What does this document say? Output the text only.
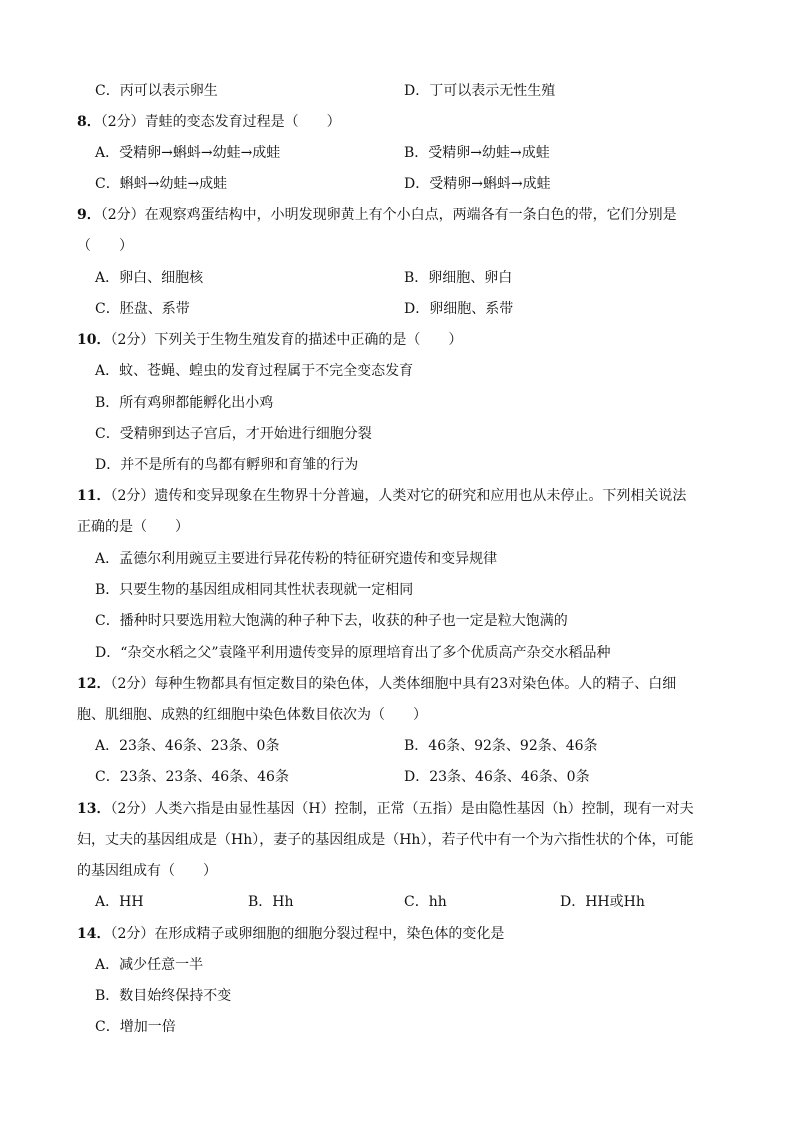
C．丙可以表示卵生	D．丁可以表示无性生殖
8．（2分）青蛙的变态发育过程是（　　）
A．受精卵→蝌蚪→幼蛙→成蛙	B．受精卵→幼蛙→成蛙
C．蝌蚪→幼蛙→成蛙	D．受精卵→蝌蚪→成蛙
9．（2分）在观察鸡蛋结构中，小明发现卵黄上有个小白点，两端各有一条白色的带，它们分别是
（　　）
A．卵白、细胞核	B．卵细胞、卵白
C．胚盘、系带	D．卵细胞、系带
10．（2分）下列关于生物生殖发育的描述中正确的是（　　）
A．蚊、苍蝇、蝗虫的发育过程属于不完全变态发育
B．所有鸡卵都能孵化出小鸡
C．受精卵到达子宫后，才开始进行细胞分裂
D．并不是所有的鸟都有孵卵和育雏的行为
11．（2分）遗传和变异现象在生物界十分普遍，人类对它的研究和应用也从未停止。下列相关说法
正确的是（　　）
A．孟德尔利用豌豆主要进行异花传粉的特征研究遗传和变异规律
B．只要生物的基因组成相同其性状表现就一定相同
C．播种时只要选用粒大饱满的种子种下去，收获的种子也一定是粒大饱满的
D．“杂交水稻之父”袁隆平利用遗传变异的原理培育出了多个优质高产杂交水稻品种
12．（2分）每种生物都具有恒定数目的染色体，人类体细胞中具有23对染色体。人的精子、白细
胞、肌细胞、成熟的红细胞中染色体数目依次为（　　）
A．23条、46条、23条、0条	B．46条、92条、92条、46条
C．23条、23条、46条、46条	D．23条、46条、46条、0条
13．（2分）人类六指是由显性基因（H）控制，正常（五指）是由隐性基因（h）控制，现有一对夫
妇，丈夫的基因组成是（Hh），妻子的基因组成是（Hh），若子代中有一个为六指性状的个体，可能
的基因组成有（　　）
A．HH	B．Hh	C．hh	D．HH或Hh
14．（2分）在形成精子或卵细胞的细胞分裂过程中，染色体的变化是
A．减少任意一半
B．数目始终保持不变
C．增加一倍
